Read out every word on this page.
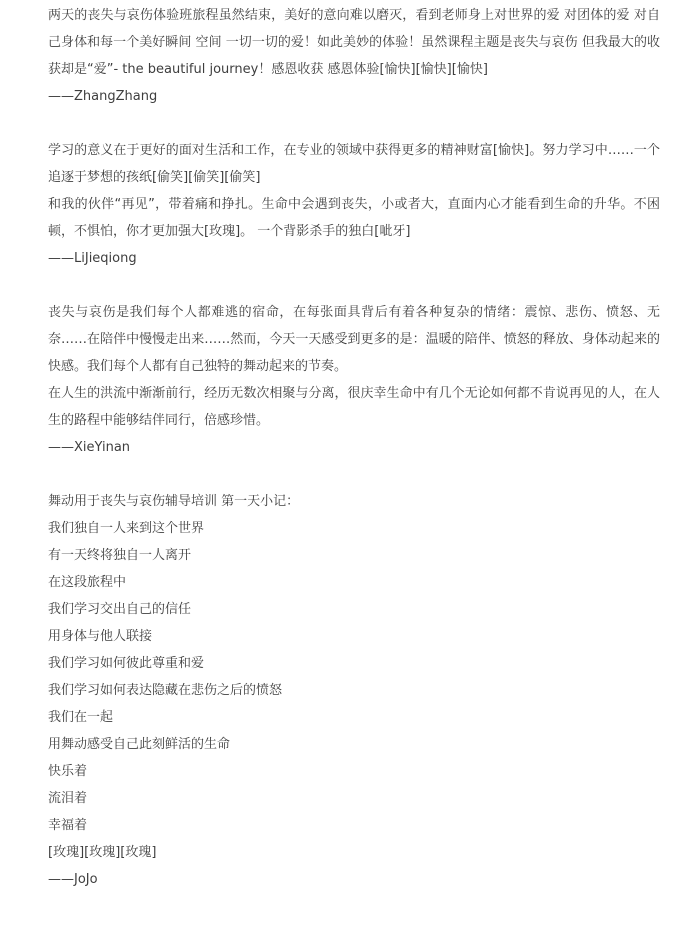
两天的丧失与哀伤体验班旅程虽然结束，美好的意向难以磨灭，看到老师身上对世界的爱 对团体的爱 对自己身体和每一个美好瞬间 空间 一切一切的爱！如此美妙的体验！虽然课程主题是丧失与哀伤 但我最大的收获却是“爱”- the beautiful journey！感恩收获 感恩体验[愉快][愉快][愉快]

——ZhangZhang

学习的意义在于更好的面对生活和工作，在专业的领域中获得更多的精神财富[愉快]。努力学习中……一个追逐于梦想的孩纸[偷笑][偷笑][偷笑]

和我的伙伴“再见”，带着痛和挣扎。生命中会遇到丧失，小或者大，直面内心才能看到生命的升华。不困顿，不惧怕，你才更加强大[玫瑰]。 一个背影杀手的独白[呲牙]

——LiJieqiong

丧失与哀伤是我们每个人都难逃的宿命，在每张面具背后有着各种复杂的情绪：震惊、悲伤、愤怒、无奈……在陪伴中慢慢走出来……然而，今天一天感受到更多的是：温暖的陪伴、愤怒的释放、身体动起来的快感。我们每个人都有自己独特的舞动起来的节奏。

在人生的洪流中渐渐前行，经历无数次相聚与分离，很庆幸生命中有几个无论如何都不肯说再见的人，在人生的路程中能够结伴同行，倍感珍惜。

——XieYinan

舞动用于丧失与哀伤辅导培训 第一天小记：

我们独自一人来到这个世界

有一天终将独自一人离开

在这段旅程中

我们学习交出自己的信任

用身体与他人联接

我们学习如何彼此尊重和爱

我们学习如何表达隐藏在悲伤之后的愤怒

我们在一起

用舞动感受自己此刻鲜活的生命

快乐着

流泪着

幸福着

[玫瑰][玫瑰][玫瑰]

——JoJo
